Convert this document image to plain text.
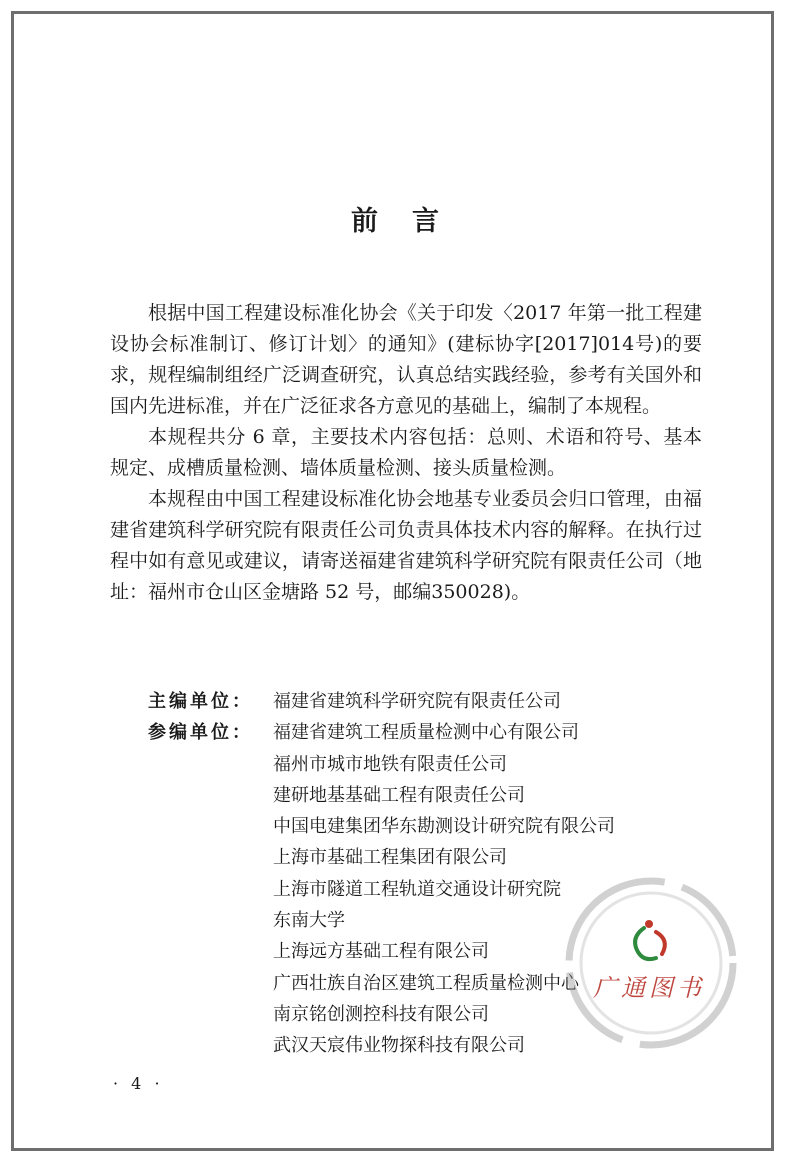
前言

根据中国工程建设标准化协会《关于印发〈2017 年第一批工程建设协会标准制订、修订计划〉的通知》(建标协字[2017]014号)的要求，规程编制组经广泛调查研究，认真总结实践经验，参考有关国外和国内先进标准，并在广泛征求各方意见的基础上，编制了本规程。

本规程共分 6 章，主要技术内容包括：总则、术语和符号、基本规定、成槽质量检测、墙体质量检测、接头质量检测。

本规程由中国工程建设标准化协会地基专业委员会归口管理，由福建省建筑科学研究院有限责任公司负责具体技术内容的解释。在执行过程中如有意见或建议，请寄送福建省建筑科学研究院有限责任公司（地址：福州市仓山区金塘路 52 号，邮编350028)。

主编单位：	福建省建筑科学研究院有限责任公司
参编单位：	福建省建筑工程质量检测中心有限公司
福州市城市地铁有限责任公司
建研地基基础工程有限责任公司
中国电建集团华东勘测设计研究院有限公司
上海市基础工程集团有限公司
上海市隧道工程轨道交通设计研究院
东南大学
上海远方基础工程有限公司
广西壮族自治区建筑工程质量检测中心
南京铭创测控科技有限公司
武汉天宸伟业物探科技有限公司
广通图书
· 4 ·
